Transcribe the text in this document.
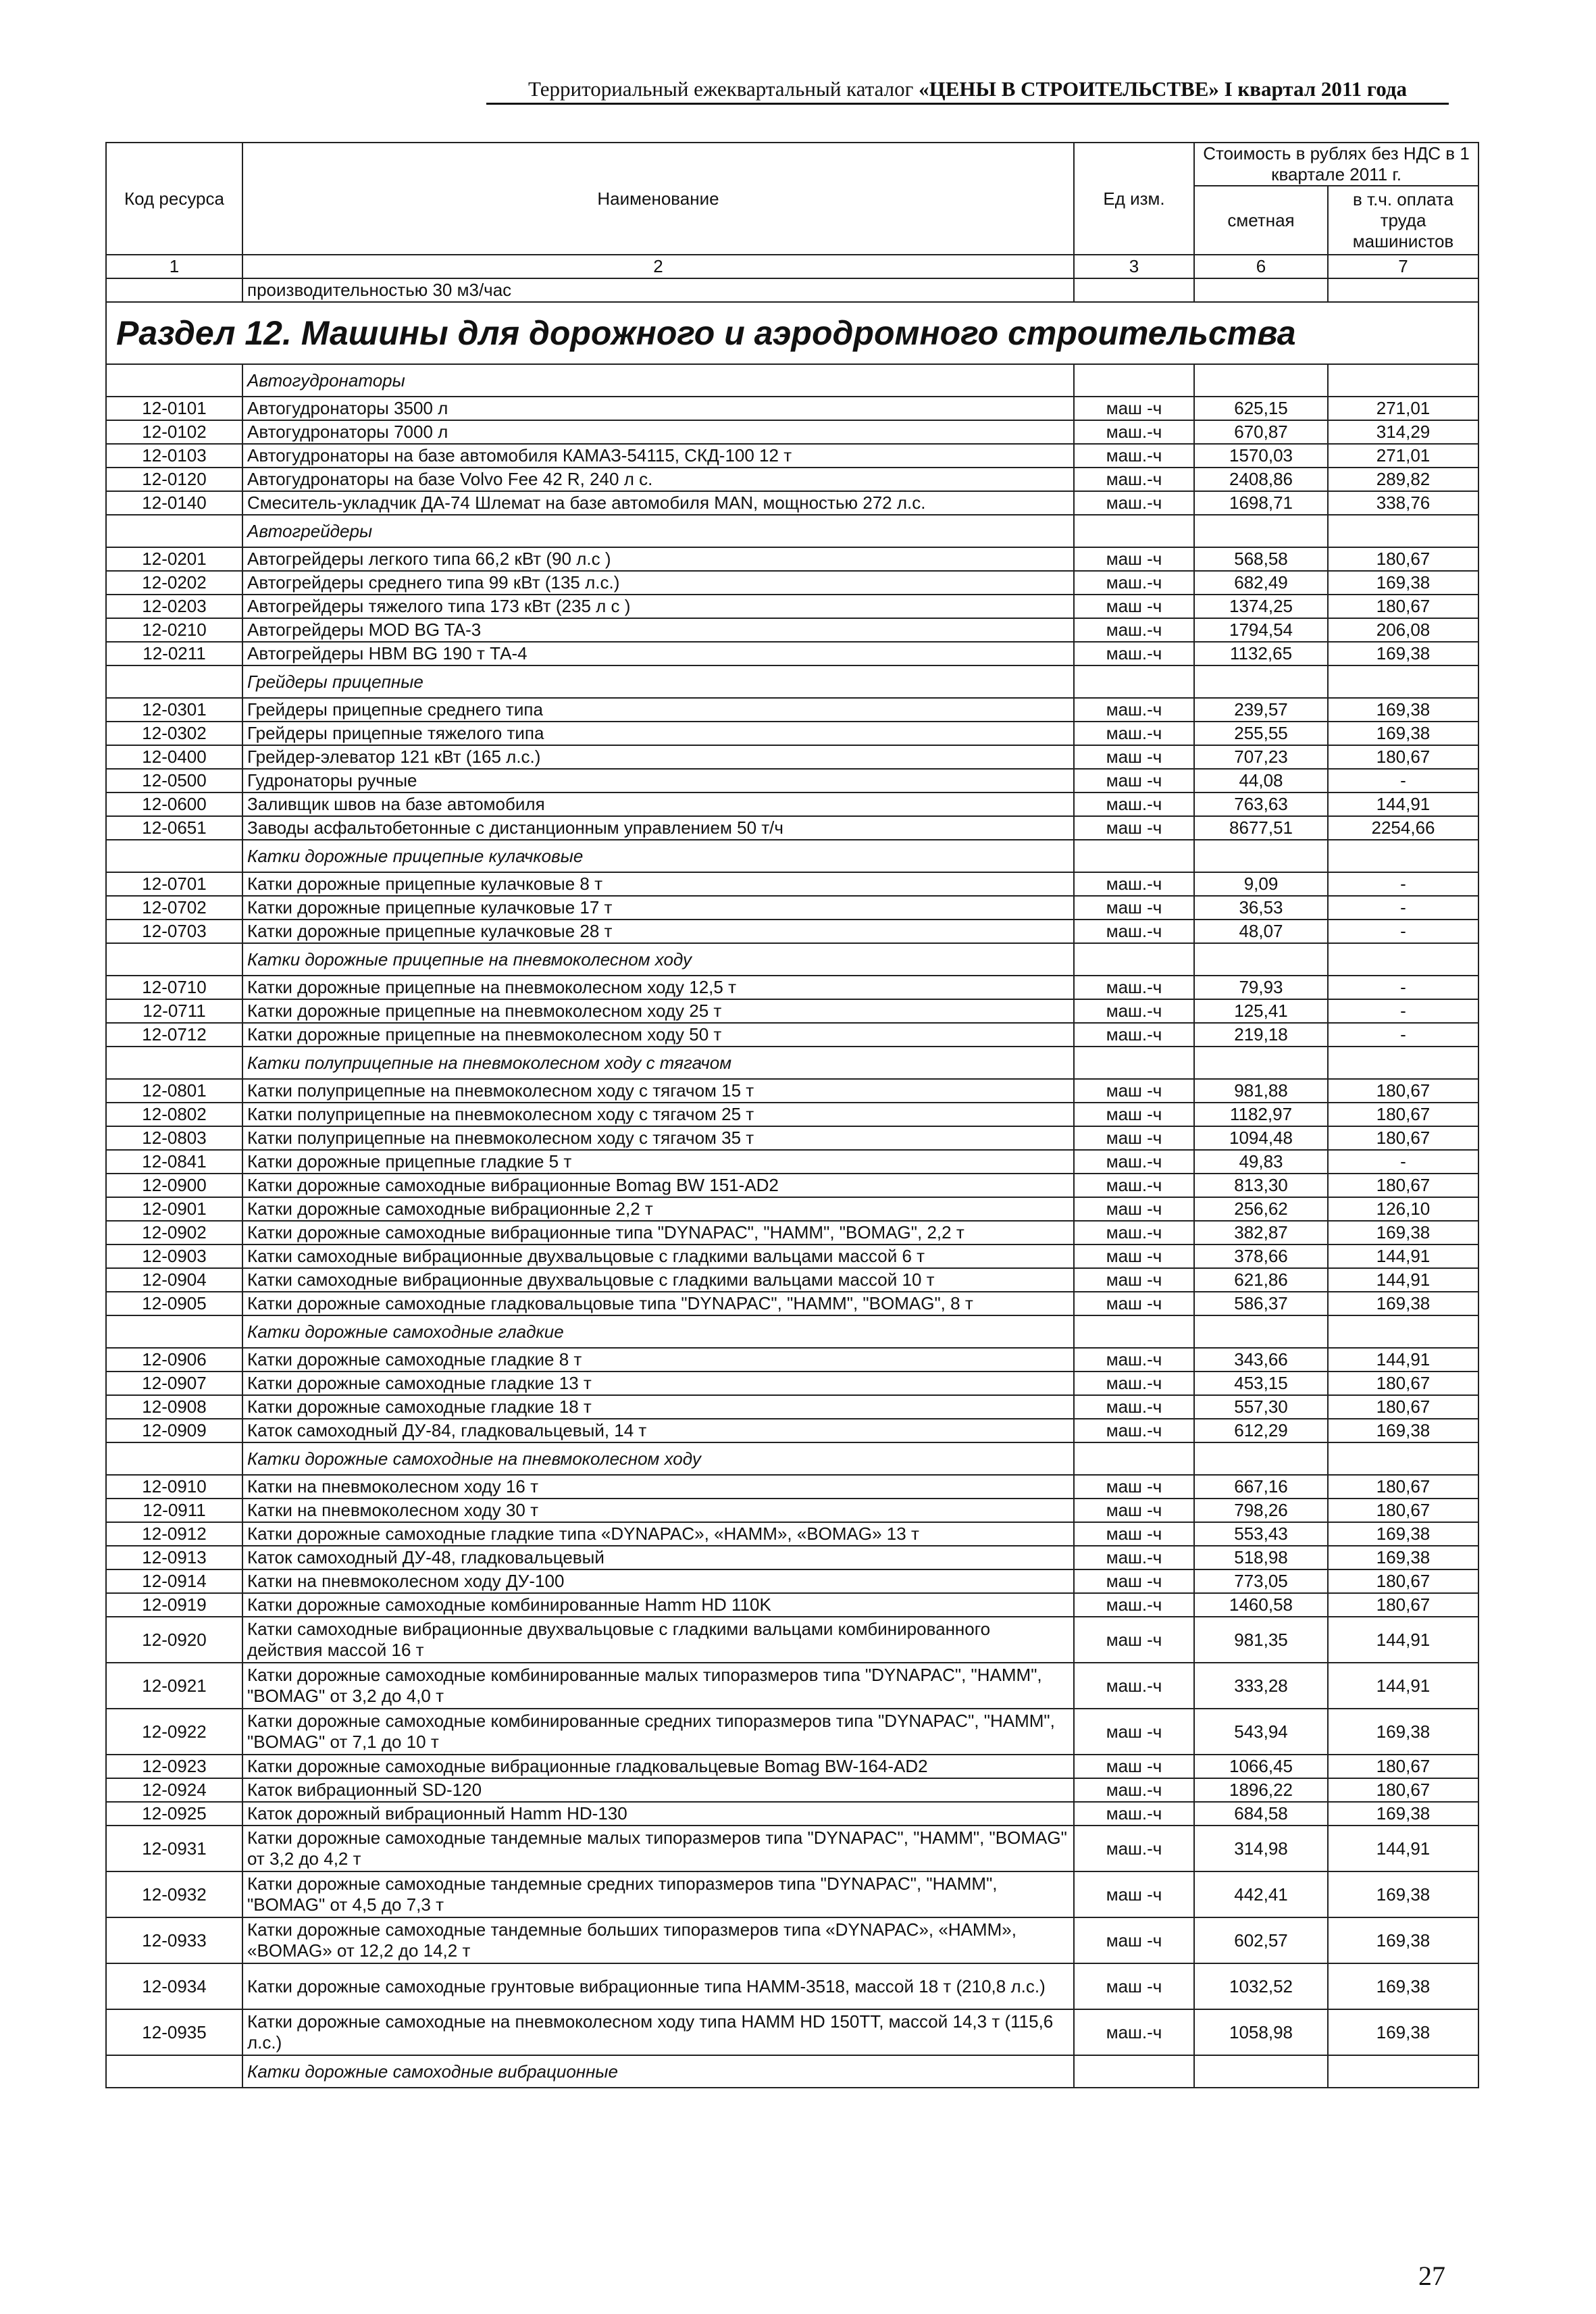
Территориальный ежеквартальный каталог «ЦЕНЫ В СТРОИТЕЛЬСТВЕ» I квартал 2011 года
Код ресурса	Наименование	Ед изм.	Стоимость в рублях без НДС в 1 квартале 2011 г.	
			сметная	в т.ч. оплата труда машинистов
1	2	3	6	7
	производительностью 30 м3/час			
Раздел 12. Машины для дорожного и аэродромного строительства				
	Автогудронаторы			
12-0101	Автогудронаторы 3500 л	маш -ч	625,15	271,01
12-0102	Автогудронаторы 7000 л	маш.-ч	670,87	314,29
12-0103	Автогудронаторы на базе автомобиля КАМАЗ-54115, СКД-100 12 т	маш.-ч	1570,03	271,01
12-0120	Автогудронаторы на базе Volvo Fee 42 R, 240 л с.	маш.-ч	2408,86	289,82
12-0140	Смеситель-укладчик ДА-74 Шлемат на базе автомобиля MAN, мощностью 272 л.с.	маш.-ч	1698,71	338,76
	Автогрейдеры			
12-0201	Автогрейдеры легкого типа 66,2 кВт (90 л.с )	маш -ч	568,58	180,67
12-0202	Автогрейдеры среднего типа 99 кВт (135 л.с.)	маш.-ч	682,49	169,38
12-0203	Автогрейдеры тяжелого типа 173 кВт (235 л с )	маш -ч	1374,25	180,67
12-0210	Автогрейдеры MOD BG TA-3	маш.-ч	1794,54	206,08
12-0211	Автогрейдеры HBM BG 190 т ТА-4	маш.-ч	1132,65	169,38
	Грейдеры прицепные			
12-0301	Грейдеры прицепные среднего типа	маш.-ч	239,57	169,38
12-0302	Грейдеры прицепные тяжелого типа	маш.-ч	255,55	169,38
12-0400	Грейдер-элеватор 121 кВт (165 л.с.)	маш -ч	707,23	180,67
12-0500	Гудронаторы ручные	маш -ч	44,08	-
12-0600	Заливщик швов на базе автомобиля	маш.-ч	763,63	144,91
12-0651	Заводы асфальтобетонные с дистанционным управлением 50 т/ч	маш -ч	8677,51	2254,66
	Катки дорожные прицепные кулачковые			
12-0701	Катки дорожные прицепные кулачковые 8 т	маш.-ч	9,09	-
12-0702	Катки дорожные прицепные кулачковые 17 т	маш -ч	36,53	-
12-0703	Катки дорожные прицепные кулачковые 28 т	маш.-ч	48,07	-
	Катки дорожные прицепные на пневмоколесном ходу			
12-0710	Катки дорожные прицепные на пневмоколесном ходу 12,5 т	маш.-ч	79,93	-
12-0711	Катки дорожные прицепные на пневмоколесном ходу 25 т	маш.-ч	125,41	-
12-0712	Катки дорожные прицепные на пневмоколесном ходу 50 т	маш.-ч	219,18	-
	Катки полуприцепные на пневмоколесном ходу с тягачом			
12-0801	Катки полуприцепные на пневмоколесном ходу с тягачом 15 т	маш -ч	981,88	180,67
12-0802	Катки полуприцепные на пневмоколесном ходу с тягачом 25 т	маш -ч	1182,97	180,67
12-0803	Катки полуприцепные на пневмоколесном ходу с тягачом 35 т	маш -ч	1094,48	180,67
12-0841	Катки дорожные прицепные гладкие 5 т	маш.-ч	49,83	-
12-0900	Катки дорожные самоходные вибрационные Bomag BW 151-AD2	маш.-ч	813,30	180,67
12-0901	Катки дорожные самоходные вибрационные 2,2 т	маш -ч	256,62	126,10
12-0902	Катки дорожные самоходные вибрационные типа "DYNAPAC", "HAMM", "BOMAG", 2,2 т	маш.-ч	382,87	169,38
12-0903	Катки самоходные вибрационные двухвальцовые с гладкими вальцами массой 6 т	маш -ч	378,66	144,91
12-0904	Катки самоходные вибрационные двухвальцовые с гладкими вальцами массой 10 т	маш -ч	621,86	144,91
12-0905	Катки дорожные самоходные гладковальцовые типа "DYNAPAC", "HAMM", "BOMAG", 8 т	маш -ч	586,37	169,38
	Катки дорожные самоходные гладкие			
12-0906	Катки дорожные самоходные гладкие 8 т	маш.-ч	343,66	144,91
12-0907	Катки дорожные самоходные гладкие 13 т	маш.-ч	453,15	180,67
12-0908	Катки дорожные самоходные гладкие 18 т	маш.-ч	557,30	180,67
12-0909	Каток самоходный ДУ-84, гладковальцевый, 14 т	маш.-ч	612,29	169,38
	Катки дорожные самоходные на пневмоколесном ходу			
12-0910	Катки на пневмоколесном ходу 16 т	маш -ч	667,16	180,67
12-0911	Катки на пневмоколесном ходу 30 т	маш -ч	798,26	180,67
12-0912	Катки дорожные самоходные гладкие типа «DYNAPAC», «HAMM», «BOMAG» 13 т	маш -ч	553,43	169,38
12-0913	Каток самоходный ДУ-48, гладковальцевый	маш.-ч	518,98	169,38
12-0914	Катки на пневмоколесном ходу ДУ-100	маш -ч	773,05	180,67
12-0919	Катки дорожные самоходные комбинированные Hamm HD 110K	маш.-ч	1460,58	180,67
12-0920	Катки самоходные вибрационные двухвальцовые с гладкими вальцами комбинированного действия массой 16 т	маш -ч	981,35	144,91
12-0921	Катки дорожные самоходные комбинированные малых типоразмеров типа "DYNAPAC", "HAMM", "BOMAG" от 3,2 до 4,0 т	маш.-ч	333,28	144,91
12-0922	Катки дорожные самоходные комбинированные средних типоразмеров типа "DYNAPAC", "HAMM", "BOMAG" от 7,1 до 10 т	маш -ч	543,94	169,38
12-0923	Катки дорожные самоходные вибрационные гладковальцевые Bomag BW-164-AD2	маш -ч	1066,45	180,67
12-0924	Каток вибрационный SD-120	маш.-ч	1896,22	180,67
12-0925	Каток дорожный вибрационный Hamm HD-130	маш.-ч	684,58	169,38
12-0931	Катки дорожные самоходные тандемные малых типоразмеров типа "DYNAPAC", "HAMM", "BOMAG" от 3,2 до 4,2 т	маш.-ч	314,98	144,91
12-0932	Катки дорожные самоходные тандемные средних типоразмеров типа "DYNAPAC", "HAMM", "BOMAG" от 4,5 до 7,3 т	маш -ч	442,41	169,38
12-0933	Катки дорожные самоходные тандемные больших типоразмеров типа «DYNAPAC», «HAMM», «BOMAG» от 12,2 до 14,2 т	маш -ч	602,57	169,38
12-0934	Катки дорожные самоходные грунтовые вибрационные типа HAMM-3518, массой 18 т (210,8 л.с.)	маш -ч	1032,52	169,38
12-0935	Катки дорожные самоходные на пневмоколесном ходу типа HAMM HD 150TT, массой 14,3 т (115,6 л.с.)	маш.-ч	1058,98	169,38
	Катки дорожные самоходные вибрационные			
27
